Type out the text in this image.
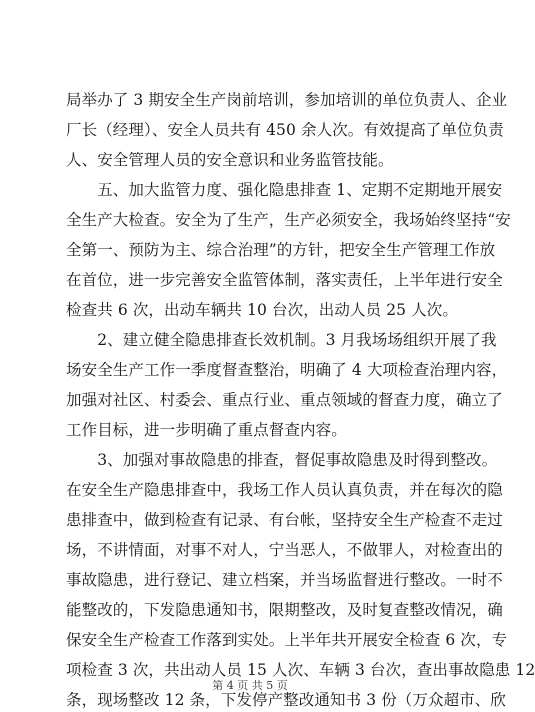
局举办了 3 期安全生产岗前培训，参加培训的单位负责人、企业
厂长（经理）、安全人员共有 450 余人次。有效提高了单位负责
人、安全管理人员的安全意识和业务监管技能。
　　五、加大监管力度、强化隐患排查 1、定期不定期地开展安
全生产大检查。安全为了生产，生产必须安全，我场始终坚持“安
全第一、预防为主、综合治理”的方针，把安全生产管理工作放
在首位，进一步完善安全监管体制，落实责任，上半年进行安全
检查共 6 次，出动车辆共 10 台次，出动人员 25 人次。
　　2、建立健全隐患排查长效机制。3 月我场场组织开展了我
场安全生产工作一季度督查整治，明确了 4 大项检查治理内容，
加强对社区、村委会、重点行业、重点领域的督查力度，确立了
工作目标，进一步明确了重点督查内容。
　　3、加强对事故隐患的排查，督促事故隐患及时得到整改。
在安全生产隐患排查中，我场工作人员认真负责，并在每次的隐
患排查中，做到检查有记录、有台帐，坚持安全生产检查不走过
场，不讲情面，对事不对人，宁当恶人，不做罪人，对检查出的
事故隐患，进行登记、建立档案，并当场监督进行整改。一时不
能整改的，下发隐患通知书，限期整改，及时复查整改情况，确
保安全生产检查工作落到实处。上半年共开展安全检查 6 次，专
项检查 3 次，共出动人员 15 人次、车辆 3 台次，查出事故隐患 12
条，现场整改 12 条，下发停产整改通知书 3 份（万众超市、欣
第 4 页 共 5 页
